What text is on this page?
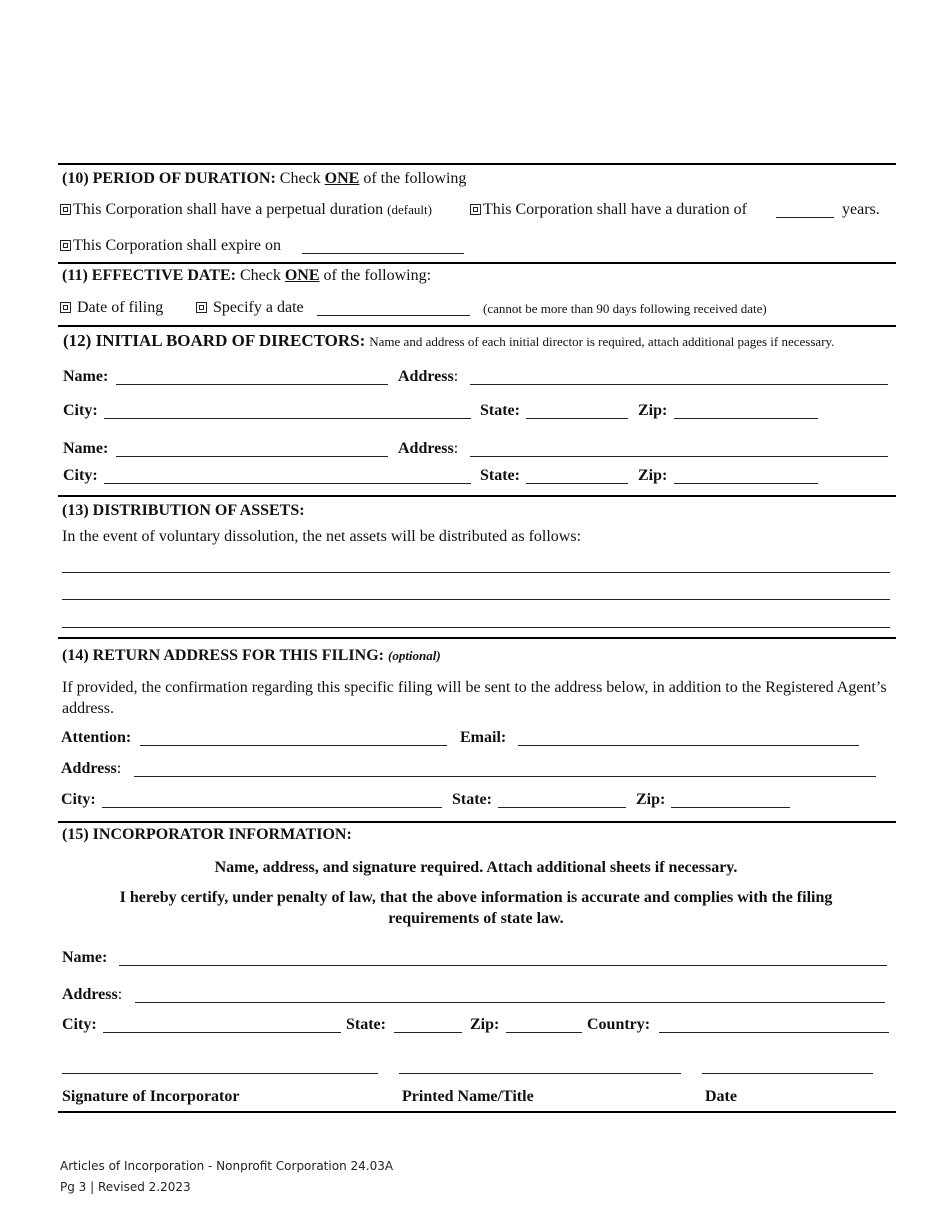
(10) PERIOD OF DURATION: Check ONE of the following
This Corporation shall have a perpetual duration (default)	This Corporation shall have a duration of	years.
This Corporation shall expire on
(11) EFFECTIVE DATE: Check ONE of the following:
Date of filing	Specify a date	(cannot be more than 90 days following received date)
(12) INITIAL BOARD OF DIRECTORS: Name and address of each initial director is required, attach additional pages if necessary.
Name:	Address:
City:	State:	Zip:
Name:	Address:
City:	State:	Zip:
(13) DISTRIBUTION OF ASSETS:
In the event of voluntary dissolution, the net assets will be distributed as follows:
(14) RETURN ADDRESS FOR THIS FILING: (optional)
If provided, the confirmation regarding this specific filing will be sent to the address below, in addition to the Registered Agent’s address.
Attention:	Email:
Address:
City:	State:	Zip:
(15) INCORPORATOR INFORMATION:
Name, address, and signature required. Attach additional sheets if necessary.
I hereby certify, under penalty of law, that the above information is accurate and complies with the filing requirements of state law.
Name:
Address:
City:	State:	Zip:	Country:
Signature of Incorporator	Printed Name/Title	Date
Articles of Incorporation - Nonprofit Corporation 24.03A
Pg 3 | Revised 2.2023
